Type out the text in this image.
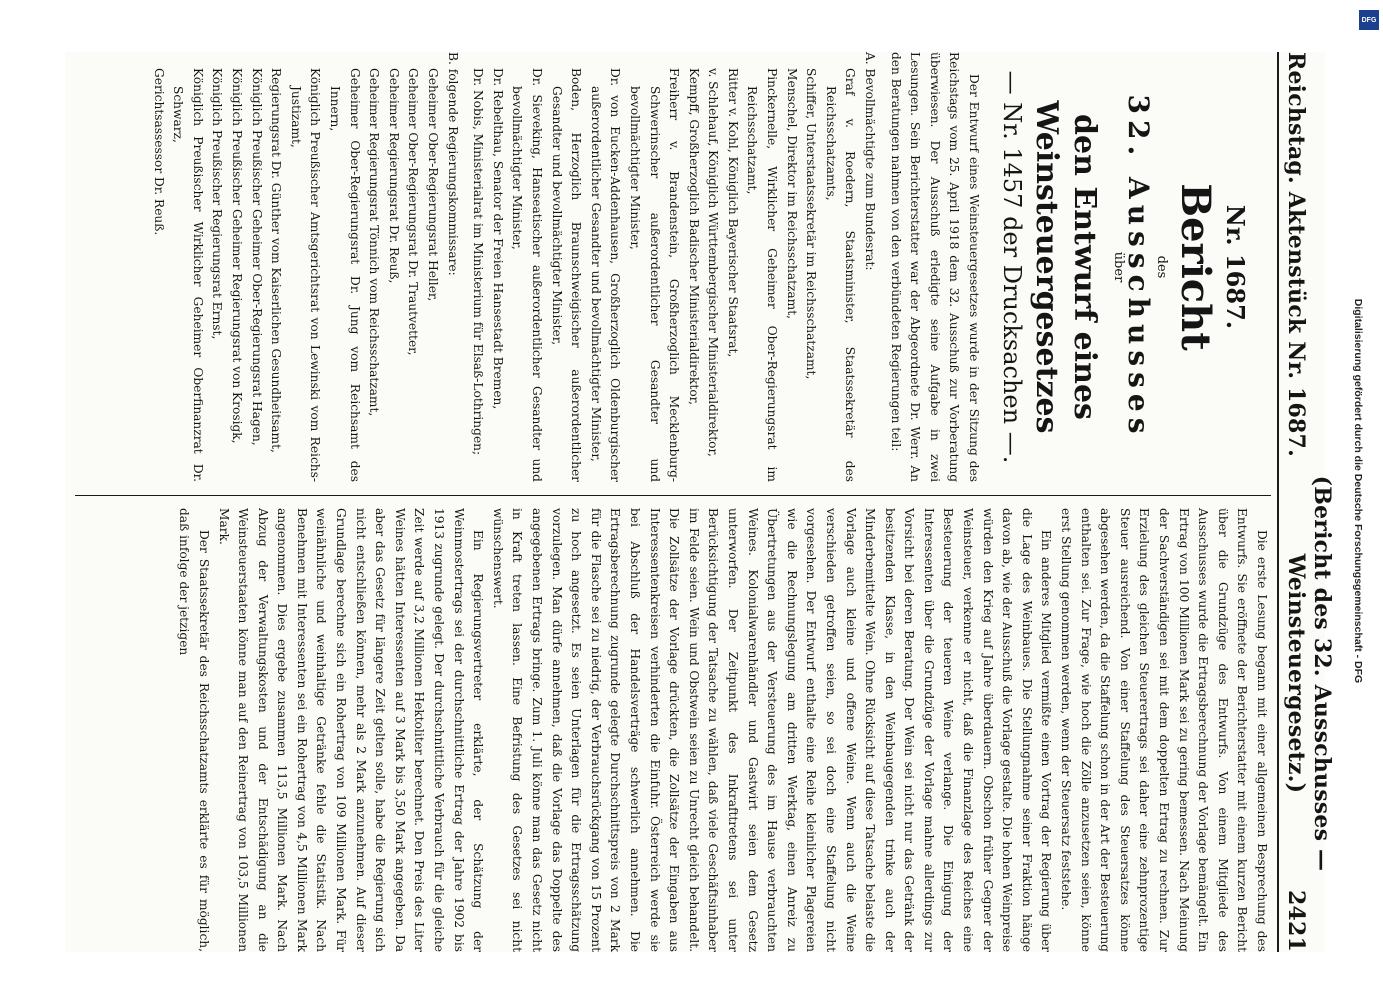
Reichstag. Aktenstück Nr. 1687.
(Bericht des 32. Ausschusses — Weinsteuergesetz.)
2421
Nr. 1687.
Bericht
des
32. Ausschusses
über
den Entwurf eines Weinsteuergesetzes
— Nr. 1457 der Drucksachen —.

Der Entwurf eines Weinsteuergesetzes wurde in der Sitzung des Reichstags vom 25. April 1918 dem 32. Ausschuß zur Vorberatung überwiesen. Der Ausschuß erledigte seine Aufgabe in zwei Lesungen. Sein Berichterstatter war der Abgeordnete Dr. Werr. An den Beratungen nahmen von den verbündeten Regierungen teil:

A. Bevollmächtigte zum Bundesrat:
Graf v. Roedern, Staatsminister, Staatssekretär des Reichsschatzamts,
Schiffer, Unterstaatssekretär im Reichsschatzamt,
Menschel, Direktor im Reichsschatzamt,
Pinckernelle, Wirklicher Geheimer Ober-Regierungsrat im Reichsschatzamt,
Ritter v. Kohl, Königlich Bayerischer Staatsrat,
v. Schlehauf, Königlich Württembergischer Ministerialdirektor,
Kempff, Großherzoglich Badischer Ministerialdirektor,
Freiherr v. Brandenstein, Großherzoglich Mecklenburg-Schwerinscher außerordentlicher Gesandter und bevollmächtigter Minister,
Dr. von Eucken-Addenhausen, Großherzoglich Oldenburgischer außerordentlicher Gesandter und bevollmächtigter Minister,
Boden, Herzoglich Braunschweigischer außerordentlicher Gesandter und bevollmächtigter Minister,
Dr. Sieveking, Hanseatischer außerordentlicher Gesandter und bevollmächtigter Minister,
Dr. Rebelthau, Senator der Freien Hansestadt Bremen,
Dr. Nobis, Ministerialrat im Ministerium für Elsaß-Lothringen;
B. folgende Regierungskommissare:
Geheimer Ober-Regierungsrat Heller,
Geheimer Ober-Regierungsrat Dr. Trautvetter,
Geheimer Regierungsrat Dr. Reuß,
Geheimer Regierungsrat Tönnich vom Reichsschatzamt,
Geheimer Ober-Regierungsrat Dr. Jung vom Reichsamt des Innern,
Königlich Preußischer Amtsgerichtsrat von Lewinski vom Reichs-Justizamt,
Regierungsrat Dr. Günther vom Kaiserlichen Gesundheitsamt,
Königlich Preußischer Geheimer Ober-Regierungsrat Hagen,
Königlich Preußischer Geheimer Regierungsrat von Krosigk,
Königlich Preußischer Regierungsrat Ernst,
Königlich Preußischer Wirklicher Geheimer Oberfinanzrat Dr. Schwarz,
Gerichtsassessor Dr. Reuß.

Die erste Lesung begann mit einer allgemeinen Besprechung des Entwurfs. Sie eröffnete der Berichterstatter mit einem kurzen Bericht über die Grundzüge des Entwurfs. Von einem Mitgliede des Ausschusses wurde die Ertragsberechnung der Vorlage bemängelt. Ein Ertrag von 100 Millionen Mark sei zu gering bemessen. Nach Meinung der Sachverständigen sei mit dem doppelten Ertrag zu rechnen. Zur Erzielung des gleichen Steuerertrags sei daher eine zehnprozentige Steuer ausreichend. Von einer Staffelung des Steuersatzes könne abgesehen werden, da die Staffelung schon in der Art der Besteuerung enthalten sei. Zur Frage, wie hoch die Zölle anzusetzen seien, könne erst Stellung genommen werden, wenn der Steuersatz feststehe.

Ein anderes Mitglied vermißte einen Vortrag der Regierung über die Lage des Weinbaues. Die Stellungnahme seiner Fraktion hänge davon ab, wie der Ausschuß die Vorlage gestalte. Die hohen Weinpreise würden den Krieg auf Jahre überdauern. Obschon früher Gegner der Weinsteuer, verkenne er nicht, daß die Finanzlage des Reiches eine Besteuerung der teueren Weine verlange. Die Einigung der Interessenten über die Grundzüge der Vorlage mahne allerdings zur Vorsicht bei deren Beratung. Der Wein sei nicht nur das Getränk der besitzenden Klasse, in den Weinbaugegenden trinke auch der Minderbemittelte Wein. Ohne Rücksicht auf diese Tatsache belaste die Vorlage auch kleine und offene Weine. Wenn auch die Weine verschieden getroffen seien, so sei doch eine Staffelung nicht vorgesehen. Der Entwurf enthalte eine Reihe kleinlicher Plagereien wie die Rechnungslegung am dritten Werktag, einen Anreiz zu Übertretungen aus der Versteuerung des im Hause verbrauchten Weines. Kolonialwarenhändler und Gastwirt seien dem Gesetz unterworfen. Der Zeitpunkt des Inkrafttretens sei unter Berücksichtigung der Tatsache zu wählen, daß viele Geschäftsinhaber im Felde seien. Wein und Obstwein seien zu Unrecht gleich behandelt. Die Zollsätze der Vorlage drückten, die Zollsätze der Eingaben aus Interessentenkreisen verhinderten die Einfuhr. Österreich werde sie bei Abschluß der Handelsverträge schwerlich annehmen. Die Ertragsberechnung zugrunde gelegte Durchschnittspreis von 2 Mark für die Flasche sei zu niedrig, der Verbrauchsrückgang von 15 Prozent zu hoch angesetzt. Es seien Unterlagen für die Ertragsschätzung vorzulegen. Man dürfe annehmen, daß die Vorlage das Doppelte des angegebenen Ertrags bringe. Zum 1. Juli könne man das Gesetz nicht in Kraft treten lassen. Eine Befristung des Gesetzes sei nicht wünschenswert.

Ein Regierungsvertreter erklärte, der Schätzung der Weinmostertrags sei der durchschnittliche Ertrag der Jahre 1902 bis 1913 zugrunde gelegt. Der durchschnittliche Verbrauch für die gleiche Zeit werde auf 3,2 Millionen Hektoliter berechnet. Den Preis des Liter Weines hätten Interessenten auf 3 Mark bis 3,50 Mark angegeben. Da aber das Gesetz für längere Zeit gelten solle, habe die Regierung sich nicht entschließen können, mehr als 2 Mark anzunehmen. Auf dieser Grundlage berechne sich ein Rohertrag von 109 Millionen Mark. Für weinähnliche und weinhaltige Getränke fehle die Statistik. Nach Benehmen mit Interessenten sei ein Rohertrag von 4,5 Millionen Mark angenommen. Dies ergebe zusammen 113,5 Millionen Mark. Nach Abzug der Verwaltungskosten und der Entschädigung an die Weinsteuerstaaten könne man auf den Reinertrag von 103,5 Millionen Mark.

Der Staatssekretär des Reichsschatzamts erklärte es für möglich, daß infolge der jetzigen

DFG
Digitalisierung gefördert durch die Deutsche Forschungsgemeinschaft - DFG
